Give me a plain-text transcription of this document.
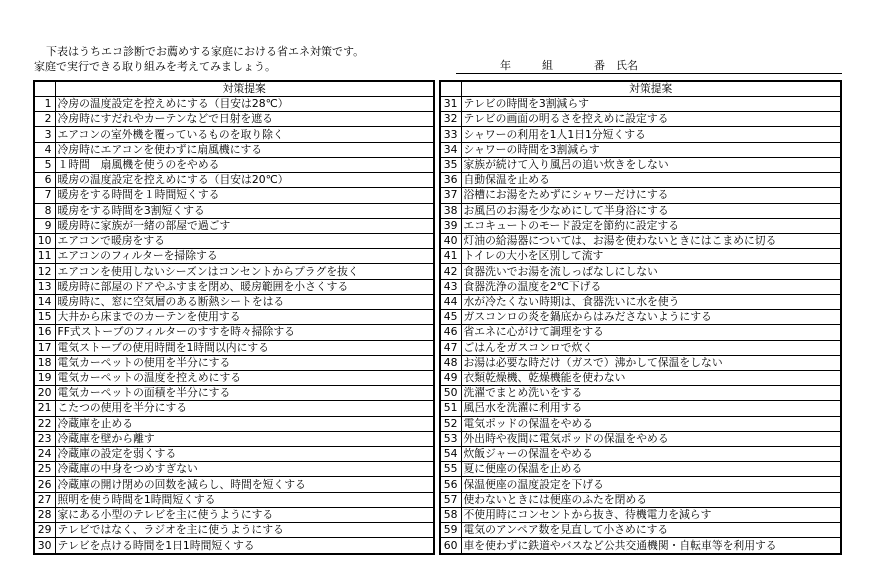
下表はうちエコ診断でお薦めする家庭における省エネ対策です。
家庭で実行できる取り組みを考えてみましょう。	年	組	番 氏名
	対策提案
1	冷房の温度設定を控えめにする（目安は28℃）
2	冷房時にすだれやカーテンなどで日射を遮る
3	エアコンの室外機を覆っているものを取り除く
4	冷房時にエアコンを使わずに扇風機にする
5	１時間　扇風機を使うのをやめる
6	暖房の温度設定を控えめにする（目安は20℃）
7	暖房をする時間を１時間短くする
8	暖房をする時間を3割短くする
9	暖房時に家族が一緒の部屋で過ごす
10	エアコンで暖房をする
11	エアコンのフィルターを掃除する
12	エアコンを使用しないシーズンはコンセントからプラグを抜く
13	暖房時に部屋のドアやふすまを閉め、暖房範囲を小さくする
14	暖房時に、窓に空気層のある断熱シートをはる
15	大井から床までのカーテンを使用する
16	FF式ストーブのフィルターのすすを時々掃除する
17	電気ストーブの使用時間を1時間以内にする
18	電気カーペットの使用を半分にする
19	電気カーペットの温度を控えめにする
20	電気カーペットの面積を半分にする
21	こたつの使用を半分にする
22	冷蔵庫を止める
23	冷蔵庫を壁から離す
24	冷蔵庫の設定を弱くする
25	冷蔵庫の中身をつめすぎない
26	冷蔵庫の開け閉めの回数を減らし、時間を短くする
27	照明を使う時間を1時間短くする
28	家にある小型のテレビを主に使うようにする
29	テレビではなく、ラジオを主に使うようにする
30	テレビを点ける時間を1日1時間短くする
	対策提案
31	テレビの時間を3割減らす
32	テレビの画面の明るさを控えめに設定する
33	シャワーの利用を1人1日1分短くする
34	シャワーの時間を3割減らす
35	家族が続けて入り風呂の追い炊きをしない
36	自動保温を止める
37	浴槽にお湯をためずにシャワーだけにする
38	お風呂のお湯を少なめにして半身浴にする
39	エコキュートのモード設定を節約に設定する
40	灯油の給湯器については、お湯を使わないときにはこまめに切る
41	トイレの大小を区別して流す
42	食器洗いでお湯を流しっぱなしにしない
43	食器洗浄の温度を2℃下げる
44	水が冷たくない時期は、食器洗いに水を使う
45	ガスコンロの炎を鍋底からはみださないようにする
46	省エネに心がけて調理をする
47	ごはんをガスコンロで炊く
48	お湯は必要な時だけ（ガスで）沸かして保温をしない
49	衣類乾燥機、乾燥機能を使わない
50	洗濯でまとめ洗いをする
51	風呂水を洗濯に利用する
52	電気ポッドの保温をやめる
53	外出時や夜間に電気ポッドの保温をやめる
54	炊飯ジャーの保温をやめる
55	夏に便座の保温を止める
56	保温便座の温度設定を下げる
57	使わないときには便座のふたを閉める
58	不使用時にコンセントから抜き、待機電力を減らす
59	電気のアンペア数を見直して小さめにする
60	車を使わずに鉄道やバスなど公共交通機関・自転車等を利用する
